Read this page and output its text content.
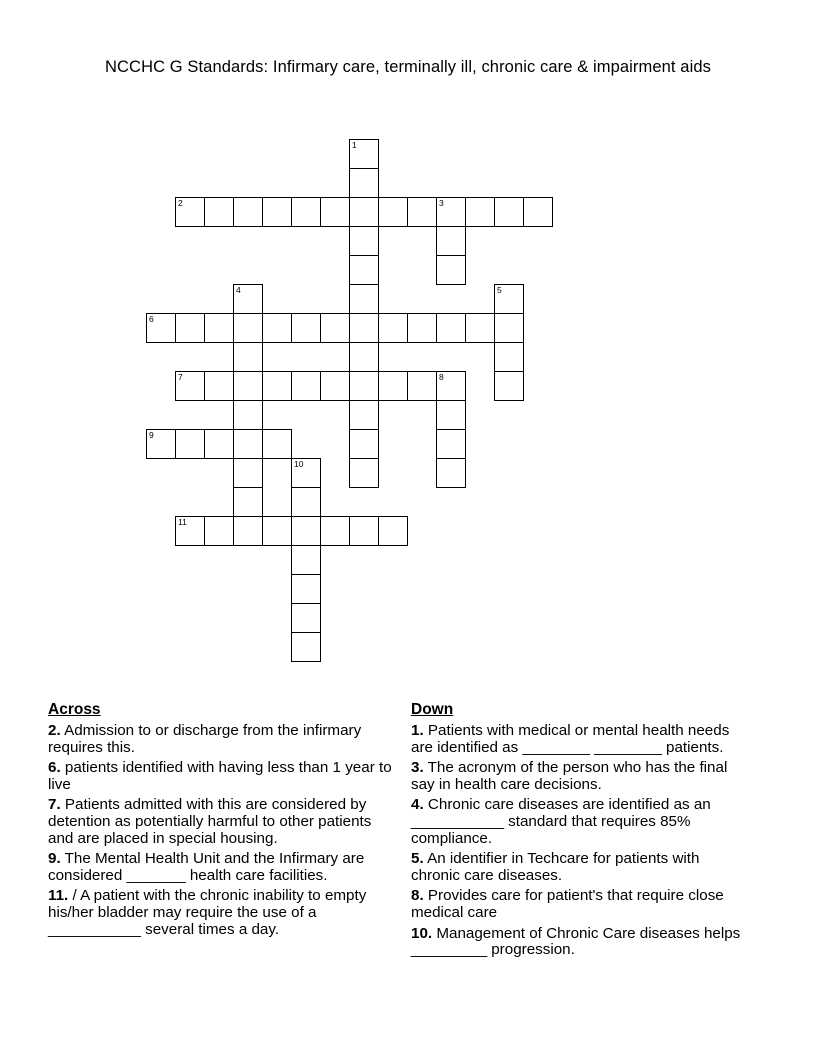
NCCHC G Standards: Infirmary care, terminally ill, chronic care & impairment aids
1
2	3
4	5
6
7	8
9
10
11
Across
2. Admission to or discharge from the infirmary requires this.
6. patients identified with having less than 1 year to live
7. Patients admitted with this are considered by detention as potentially harmful to other patients and are placed in special housing.
9. The Mental Health Unit and the Infirmary are considered _______ health care facilities.
11. / A patient with the chronic inability to empty his/her bladder may require the use of a ___________ several times a day.
Down
1. Patients with medical or mental health needs are identified as ________ ________ patients.
3. The acronym of the person who has the final say in health care decisions.
4. Chronic care diseases are identified as an ___________ standard that requires 85% compliance.
5. An identifier in Techcare for patients with chronic care diseases.
8. Provides care for patient's that require close medical care
10. Management of Chronic Care diseases helps _________ progression.
